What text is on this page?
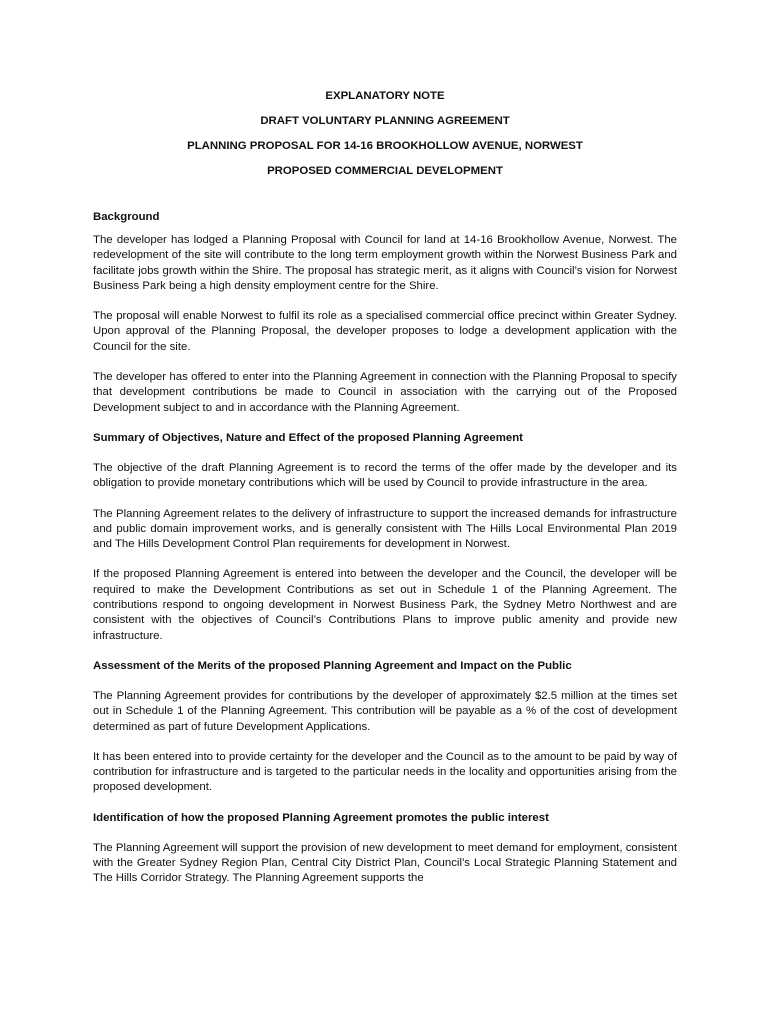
EXPLANATORY NOTE
DRAFT VOLUNTARY PLANNING AGREEMENT
PLANNING PROPOSAL FOR 14-16 BROOKHOLLOW AVENUE, NORWEST
PROPOSED COMMERCIAL DEVELOPMENT

Background

The developer has lodged a Planning Proposal with Council for land at 14-16 Brookhollow Avenue, Norwest. The redevelopment of the site will contribute to the long term employment growth within the Norwest Business Park and facilitate jobs growth within the Shire. The proposal has strategic merit, as it aligns with Council’s vision for Norwest Business Park being a high density employment centre for the Shire.

The proposal will enable Norwest to fulfil its role as a specialised commercial office precinct within Greater Sydney. Upon approval of the Planning Proposal, the developer proposes to lodge a development application with the Council for the site.

The developer has offered to enter into the Planning Agreement in connection with the Planning Proposal to specify that development contributions be made to Council in association with the carrying out of the Proposed Development subject to and in accordance with the Planning Agreement.

Summary of Objectives, Nature and Effect of the proposed Planning Agreement

The objective of the draft Planning Agreement is to record the terms of the offer made by the developer and its obligation to provide monetary contributions which will be used by Council to provide infrastructure in the area.

The Planning Agreement relates to the delivery of infrastructure to support the increased demands for infrastructure and public domain improvement works, and is generally consistent with The Hills Local Environmental Plan 2019 and The Hills Development Control Plan requirements for development in Norwest.

If the proposed Planning Agreement is entered into between the developer and the Council, the developer will be required to make the Development Contributions as set out in Schedule 1 of the Planning Agreement. The contributions respond to ongoing development in Norwest Business Park, the Sydney Metro Northwest and are consistent with the objectives of Council’s Contributions Plans to improve public amenity and provide new infrastructure.

Assessment of the Merits of the proposed Planning Agreement and Impact on the Public

The Planning Agreement provides for contributions by the developer of approximately $2.5 million at the times set out in Schedule 1 of the Planning Agreement. This contribution will be payable as a % of the cost of development determined as part of future Development Applications.

It has been entered into to provide certainty for the developer and the Council as to the amount to be paid by way of contribution for infrastructure and is targeted to the particular needs in the locality and opportunities arising from the proposed development.

Identification of how the proposed Planning Agreement promotes the public interest

The Planning Agreement will support the provision of new development to meet demand for employment, consistent with the Greater Sydney Region Plan, Central City District Plan, Council’s Local Strategic Planning Statement and The Hills Corridor Strategy. The Planning Agreement supports the
